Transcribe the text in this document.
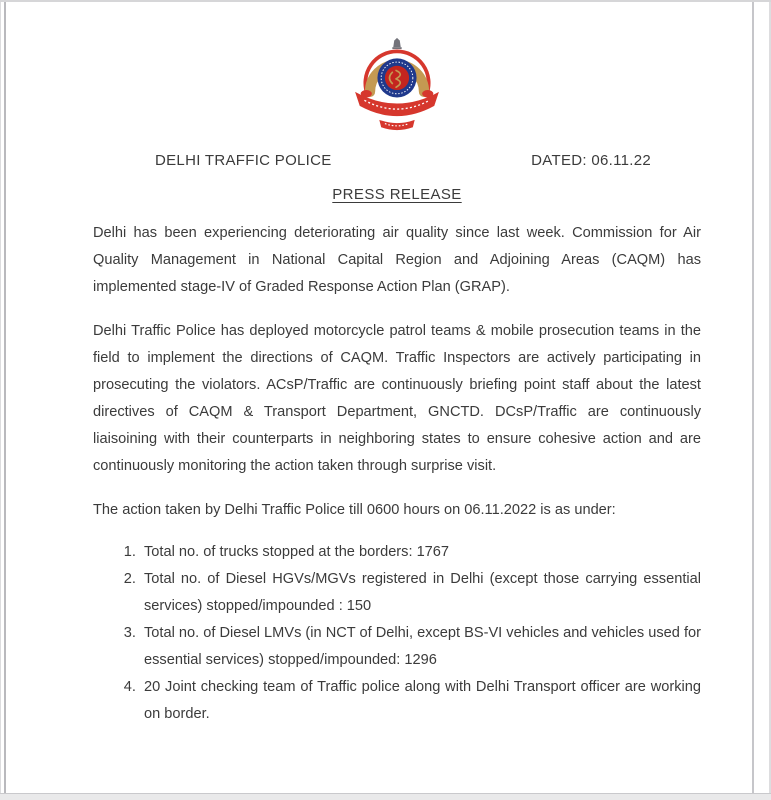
DELHI TRAFFIC POLICE	DATED: 06.11.22
PRESS RELEASE

Delhi has been experiencing deteriorating air quality since last week. Commission for Air Quality Management in National Capital Region and Adjoining Areas (CAQM) has implemented stage-IV of Graded Response Action Plan (GRAP).

Delhi Traffic Police has deployed motorcycle patrol teams & mobile prosecution teams in the field to implement the directions of CAQM. Traffic Inspectors are actively participating in prosecuting the violators. ACsP/Traffic are continuously briefing point staff about the latest directives of CAQM & Transport Department, GNCTD. DCsP/Traffic are continuously liaisoining with their counterparts in neighboring states to ensure cohesive action and are continuously monitoring the action taken through surprise visit.

The action taken by Delhi Traffic Police till 0600 hours on 06.11.2022 is as under:

1. Total no. of trucks stopped at the borders: 1767
2. Total no. of Diesel HGVs/MGVs registered in Delhi (except those carrying essential services) stopped/impounded : 150
3. Total no. of Diesel LMVs (in NCT of Delhi, except BS-VI vehicles and vehicles used for essential services) stopped/impounded: 1296
4. 20 Joint checking team of Traffic police along with Delhi Transport officer are working on border.
